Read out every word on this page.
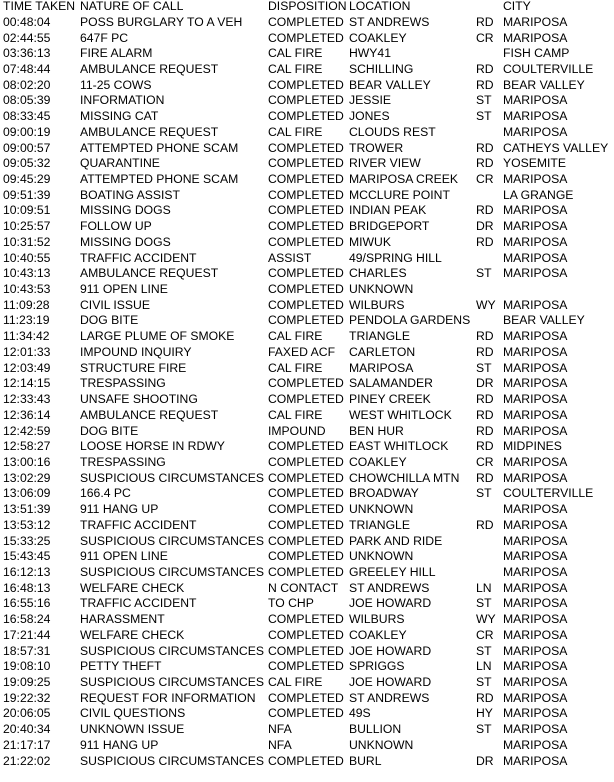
TIME TAKEN NATURE OF CALL	DISPOSITION LOCATION	CITY
00:48:04	POSS BURGLARY TO A VEH	COMPLETED ST ANDREWS	RD MARIPOSA
02:44:55	647F PC	COMPLETED COAKLEY	CR MARIPOSA
03:36:13	FIRE ALARM	CAL FIRE	HWY41	FISH CAMP
07:48:44	AMBULANCE REQUEST	CAL FIRE	SCHILLING	RD COULTERVILLE
08:02:20	11-25 COWS	COMPLETED BEAR VALLEY	RD BEAR VALLEY
08:05:39	INFORMATION	COMPLETED JESSIE	ST MARIPOSA
08:33:45	MISSING CAT	COMPLETED JONES	ST MARIPOSA
09:00:19	AMBULANCE REQUEST	CAL FIRE	CLOUDS REST	MARIPOSA
09:00:57	ATTEMPTED PHONE SCAM	COMPLETED TROWER	RD CATHEYS VALLEY
09:05:32	QUARANTINE	COMPLETED RIVER VIEW	RD YOSEMITE
09:45:29	ATTEMPTED PHONE SCAM	COMPLETED MARIPOSA CREEK	CR MARIPOSA
09:51:39	BOATING ASSIST	COMPLETED MCCLURE POINT	LA GRANGE
10:09:51	MISSING DOGS	COMPLETED INDIAN PEAK	RD MARIPOSA
10:25:57	FOLLOW UP	COMPLETED BRIDGEPORT	DR MARIPOSA
10:31:52	MISSING DOGS	COMPLETED MIWUK	RD MARIPOSA
10:40:55	TRAFFIC ACCIDENT	ASSIST	49/SPRING HILL	MARIPOSA
10:43:13	AMBULANCE REQUEST	COMPLETED CHARLES	ST MARIPOSA
10:43:53	911 OPEN LINE	COMPLETED UNKNOWN
11:09:28	CIVIL ISSUE	COMPLETED WILBURS	WY MARIPOSA
11:23:19	DOG BITE	COMPLETED PENDOLA GARDENS	BEAR VALLEY
11:34:42	LARGE PLUME OF SMOKE	CAL FIRE	TRIANGLE	RD MARIPOSA
12:01:33	IMPOUND INQUIRY	FAXED ACF	CARLETON	RD MARIPOSA
12:03:49	STRUCTURE FIRE	CAL FIRE	MARIPOSA	ST MARIPOSA
12:14:15	TRESPASSING	COMPLETED SALAMANDER	DR MARIPOSA
12:33:43	UNSAFE SHOOTING	COMPLETED PINEY CREEK	RD MARIPOSA
12:36:14	AMBULANCE REQUEST	CAL FIRE	WEST WHITLOCK	RD MARIPOSA
12:42:59	DOG BITE	IMPOUND	BEN HUR	RD MARIPOSA
12:58:27	LOOSE HORSE IN RDWY	COMPLETED EAST WHITLOCK	RD MIDPINES
13:00:16	TRESPASSING	COMPLETED COAKLEY	CR MARIPOSA
13:02:29	SUSPICIOUS CIRCUMSTANCES COMPLETED CHOWCHILLA MTN	RD MARIPOSA
13:06:09	166.4 PC	COMPLETED BROADWAY	ST COULTERVILLE
13:51:39	911 HANG UP	COMPLETED UNKNOWN	MARIPOSA
13:53:12	TRAFFIC ACCIDENT	COMPLETED TRIANGLE	RD MARIPOSA
15:33:25	SUSPICIOUS CIRCUMSTANCES COMPLETED PARK AND RIDE	MARIPOSA
15:43:45	911 OPEN LINE	COMPLETED UNKNOWN	MARIPOSA
16:12:13	SUSPICIOUS CIRCUMSTANCES COMPLETED GREELEY HILL	MARIPOSA
16:48:13	WELFARE CHECK	N CONTACT ST ANDREWS	LN MARIPOSA
16:55:16	TRAFFIC ACCIDENT	TO CHP	JOE HOWARD	ST MARIPOSA
16:58:24	HARASSMENT	COMPLETED WILBURS	WY MARIPOSA
17:21:44	WELFARE CHECK	COMPLETED COAKLEY	CR MARIPOSA
18:57:31	SUSPICIOUS CIRCUMSTANCES COMPLETED JOE HOWARD	ST MARIPOSA
19:08:10	PETTY THEFT	COMPLETED SPRIGGS	LN MARIPOSA
19:09:25	SUSPICIOUS CIRCUMSTANCES CAL FIRE	JOE HOWARD	ST MARIPOSA
19:22:32	REQUEST FOR INFORMATION	COMPLETED ST ANDREWS	RD MARIPOSA
20:06:05	CIVIL QUESTIONS	COMPLETED 49S	HY MARIPOSA
20:40:34	UNKNOWN ISSUE	NFA	BULLION	ST MARIPOSA
21:17:17	911 HANG UP	NFA	UNKNOWN	MARIPOSA
21:22:02	SUSPICIOUS CIRCUMSTANCES COMPLETED BURL	DR MARIPOSA
